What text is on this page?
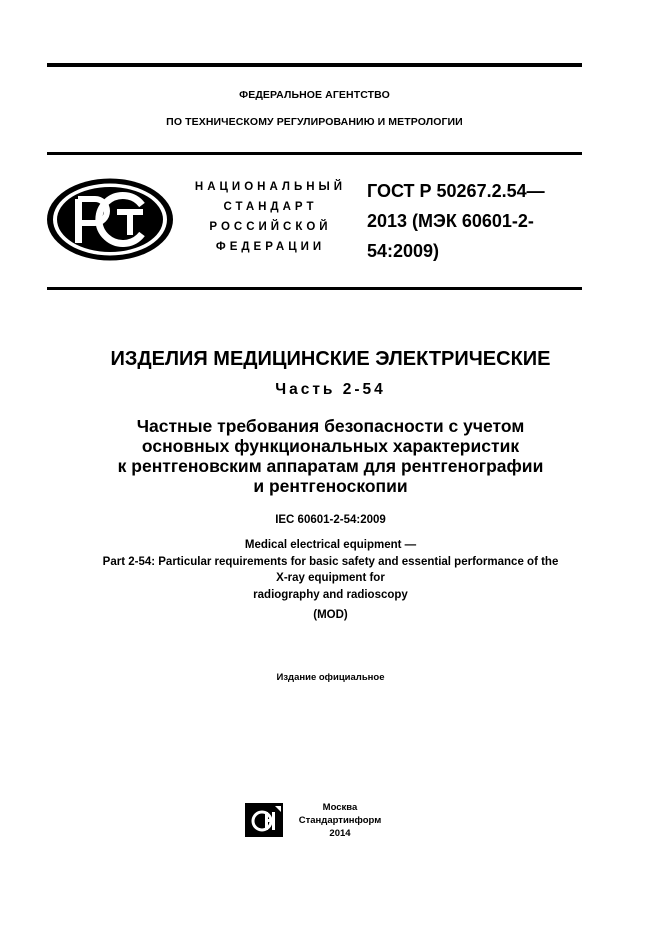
ФЕДЕРАЛЬНОЕ АГЕНТСТВО
ПО ТЕХНИЧЕСКОМУ РЕГУЛИРОВАНИЮ И МЕТРОЛОГИИ
НАЦИОНАЛЬНЫЙ
СТАНДАРТ
РОССИЙСКОЙ
ФЕДЕРАЦИИ
ГОСТ Р 50267.2.54—
2013 (МЭК 60601-2-
54:2009)
ИЗДЕЛИЯ МЕДИЦИНСКИЕ ЭЛЕКТРИЧЕСКИЕ
Часть 2-54
Частные требования безопасности с учетом
основных функциональных характеристик
к рентгеновским аппаратам для рентгенографии
и рентгеноскопии
IEC 60601-2-54:2009
Medical electrical equipment —
Part 2-54: Particular requirements for basic safety and essential performance of the
X-ray equipment for
radiography and radioscopy
(MOD)
Издание официальное
Москва
Стандартинформ
2014
